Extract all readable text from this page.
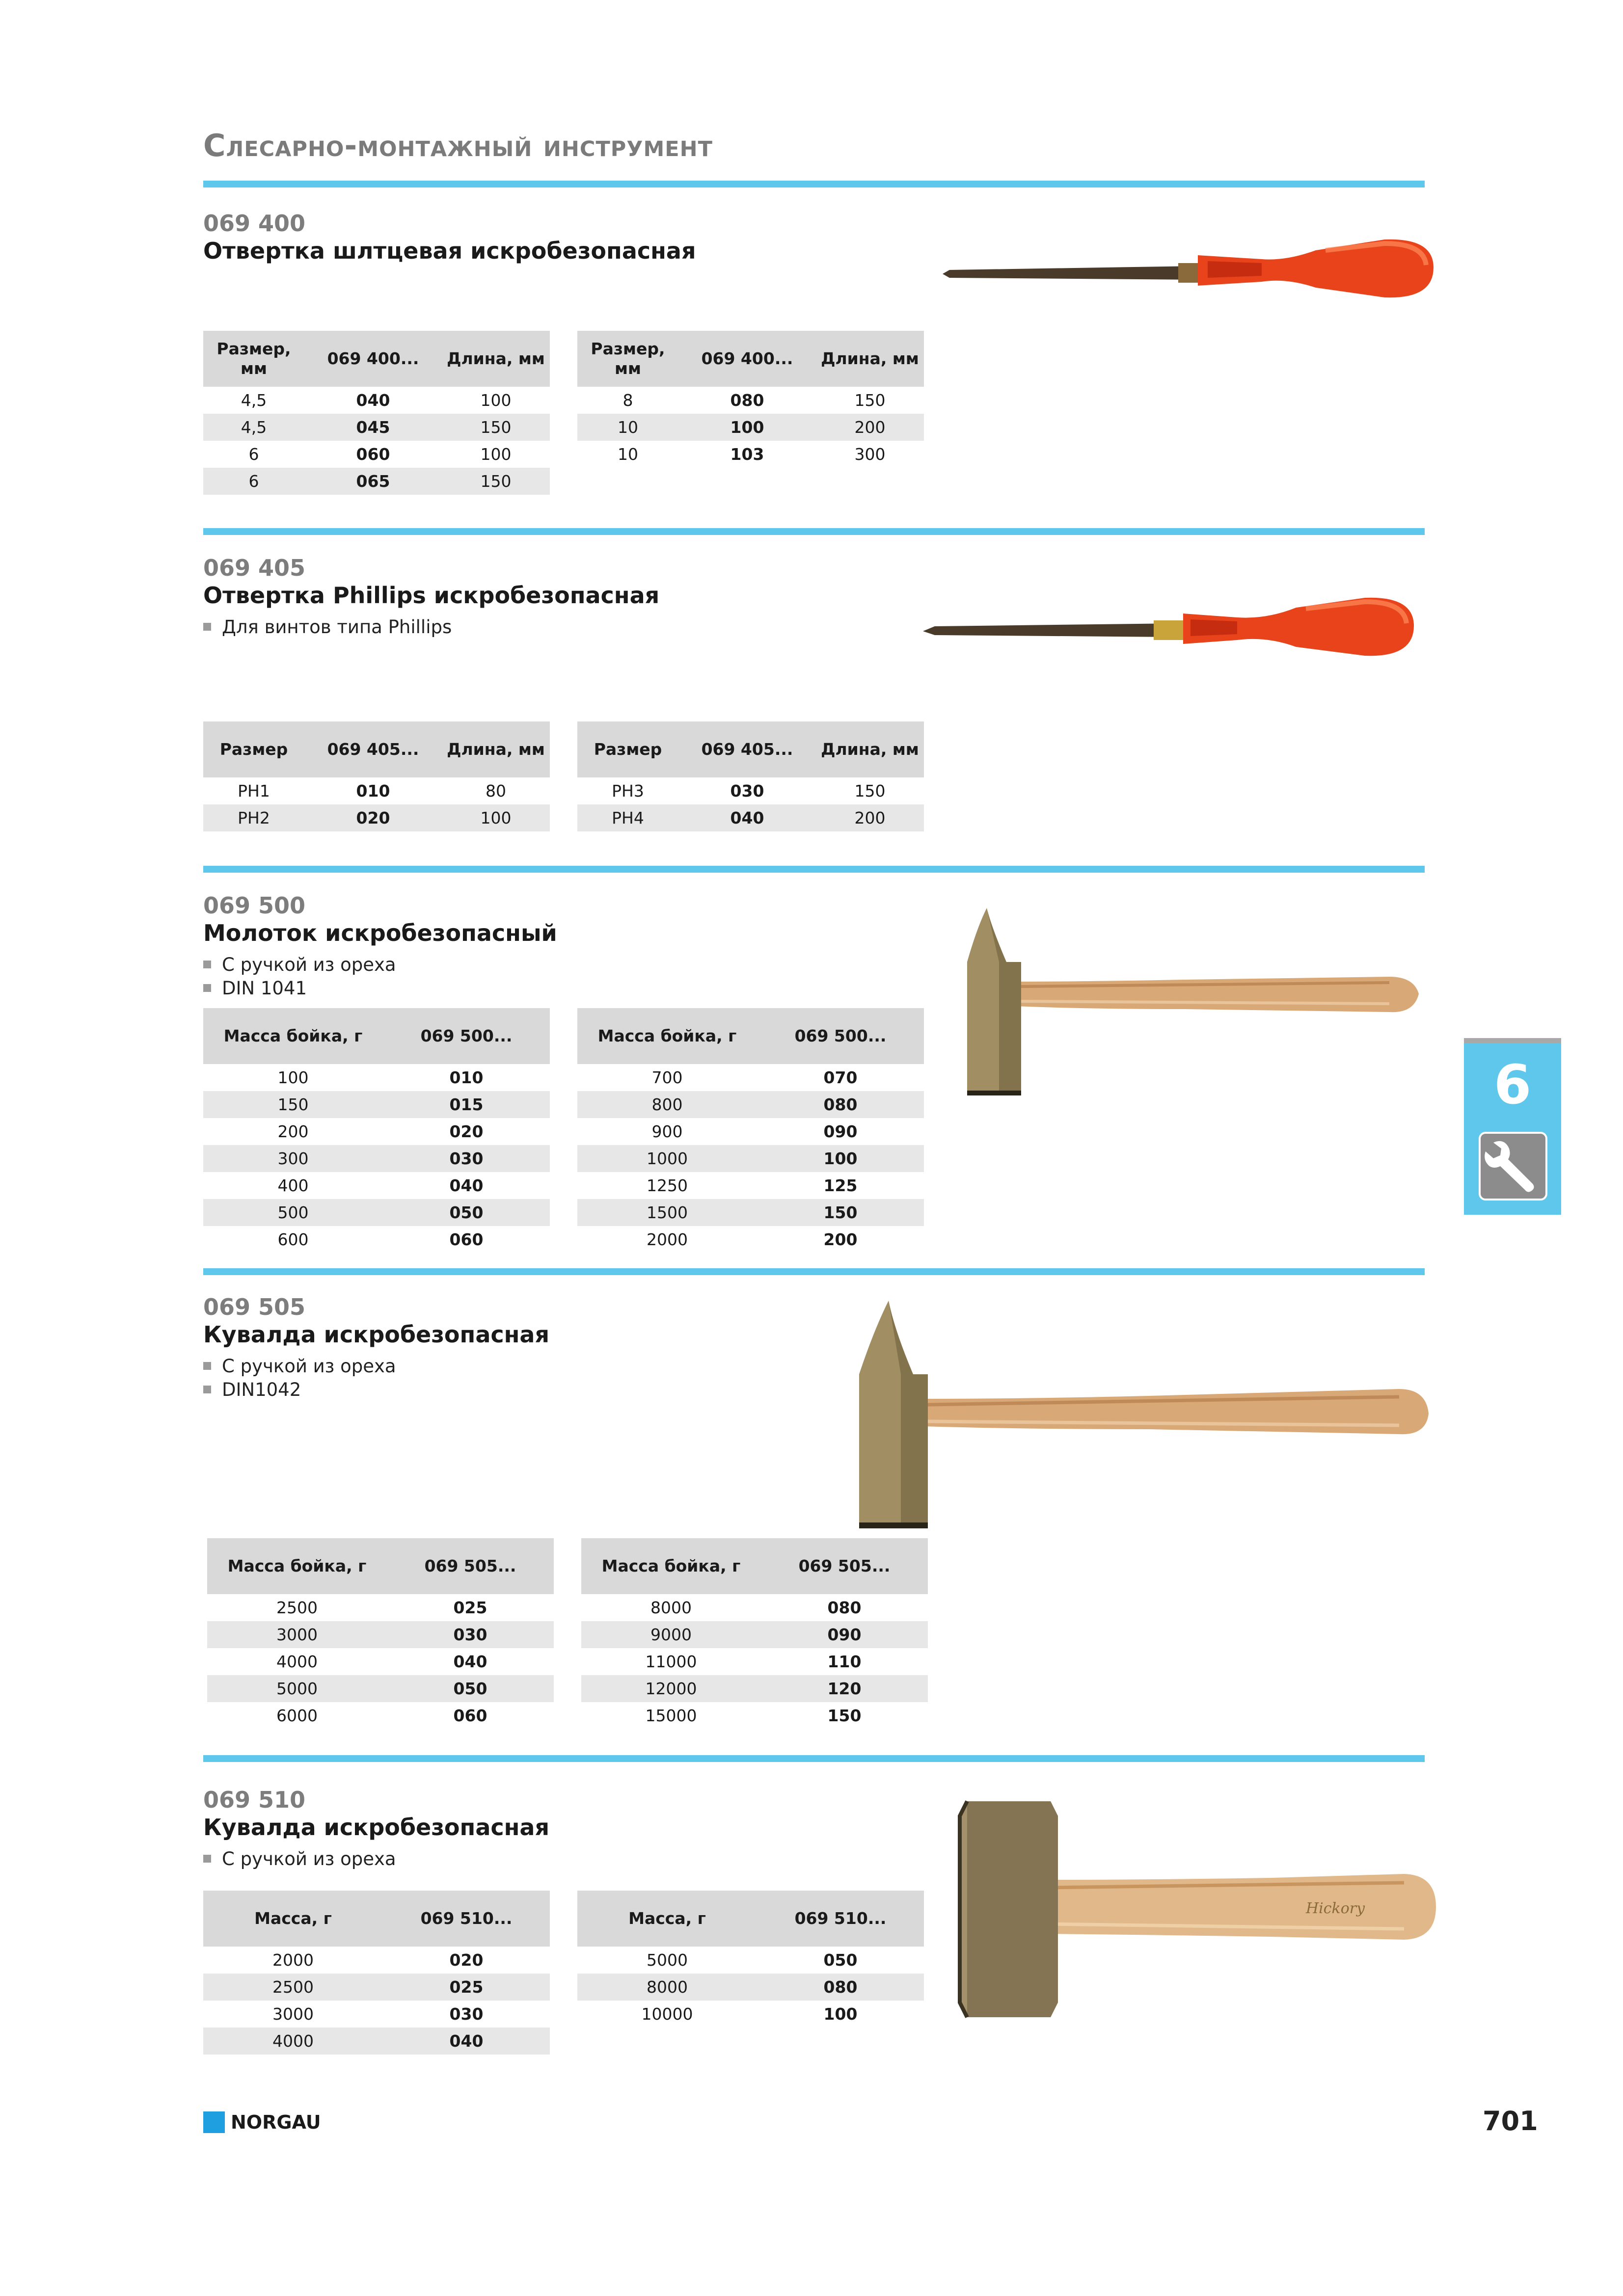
Слесарно-монтажный инструмент
069 400
Отвертка шлтцевая искробезопасная
Размер, мм	069 400...	Длина, мм
4,5	040	100
4,5	045	150
6	060	100
6	065	150
Размер, мм	069 400...	Длина, мм
8	080	150
10	100	200
10	103	300
069 405
Отвертка Phillips искробезопасная
Для винтов типа Phillips
Размер	069 405...	Длина, мм
PH1	010	80
PH2	020	100
Размер	069 405...	Длина, мм
PH3	030	150
PH4	040	200
069 500
Молоток искробезопасный
С ручкой из ореха
DIN 1041
Масса бойка, г	069 500...
100	010
150	015
200	020
300	030
400	040
500	050
600	060
Масса бойка, г	069 500...
700	070
800	080
900	090
1000	100
1250	125
1500	150
2000	200
069 505
Кувалда искробезопасная
С ручкой из ореха
DIN1042
Масса бойка, г	069 505...
2500	025
3000	030
4000	040
5000	050
6000	060
Масса бойка, г	069 505...
8000	080
9000	090
11000	110
12000	120
15000	150
069 510
Кувалда искробезопасная
С ручкой из ореха
Hickory
Масса, г	069 510...
2000	020
2500	025
3000	030
4000	040
Масса, г	069 510...
5000	050
8000	080
10000	100
6
NORGAU	701
